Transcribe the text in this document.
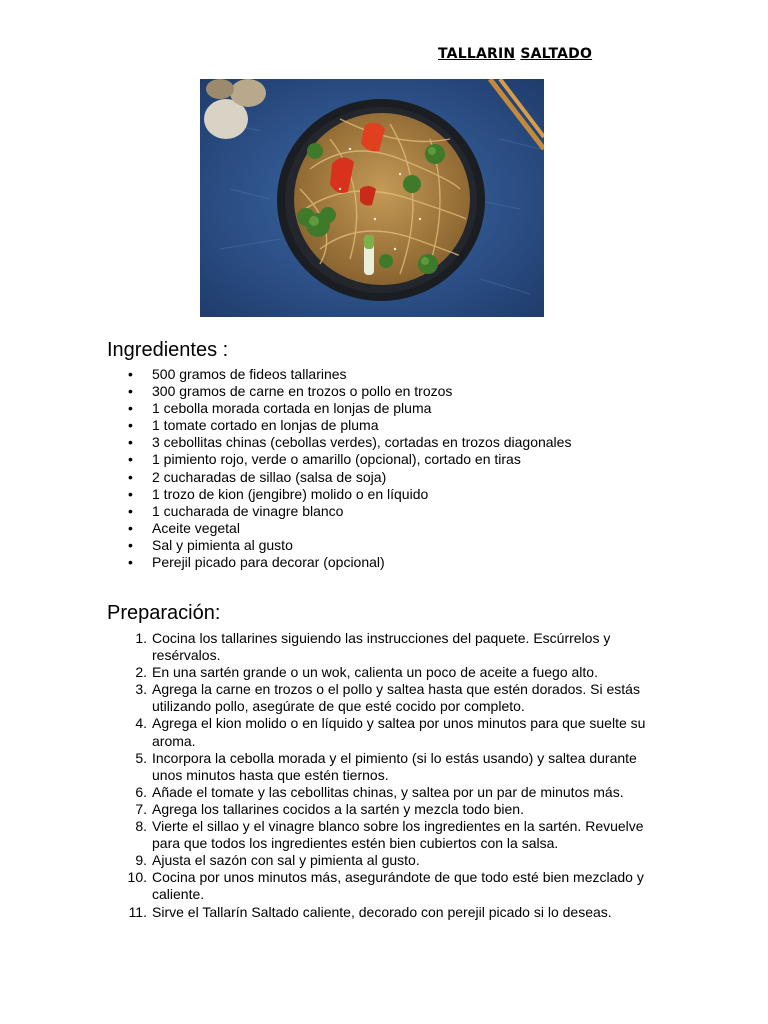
TALLARIN SALTADO
Ingredientes :
• 500 gramos de fideos tallarines
• 300 gramos de carne en trozos o pollo en trozos
• 1 cebolla morada cortada en lonjas de pluma
• 1 tomate cortado en lonjas de pluma
• 3 cebollitas chinas (cebollas verdes), cortadas en trozos diagonales
• 1 pimiento rojo, verde o amarillo (opcional), cortado en tiras
• 2 cucharadas de sillao (salsa de soja)
• 1 trozo de kion (jengibre) molido o en líquido
• 1 cucharada de vinagre blanco
• Aceite vegetal
• Sal y pimienta al gusto
• Perejil picado para decorar (opcional)
Preparación:
1. Cocina los tallarines siguiendo las instrucciones del paquete. Escúrrelos y
resérvalos.
2. En una sartén grande o un wok, calienta un poco de aceite a fuego alto.
3. Agrega la carne en trozos o el pollo y saltea hasta que estén dorados. Si estás
utilizando pollo, asegúrate de que esté cocido por completo.
4. Agrega el kion molido o en líquido y saltea por unos minutos para que suelte su
aroma.
5. Incorpora la cebolla morada y el pimiento (si lo estás usando) y saltea durante
unos minutos hasta que estén tiernos.
6. Añade el tomate y las cebollitas chinas, y saltea por un par de minutos más.
7. Agrega los tallarines cocidos a la sartén y mezcla todo bien.
8. Vierte el sillao y el vinagre blanco sobre los ingredientes en la sartén. Revuelve
para que todos los ingredientes estén bien cubiertos con la salsa.
9. Ajusta el sazón con sal y pimienta al gusto.
10. Cocina por unos minutos más, asegurándote de que todo esté bien mezclado y
caliente.
11. Sirve el Tallarín Saltado caliente, decorado con perejil picado si lo deseas.
